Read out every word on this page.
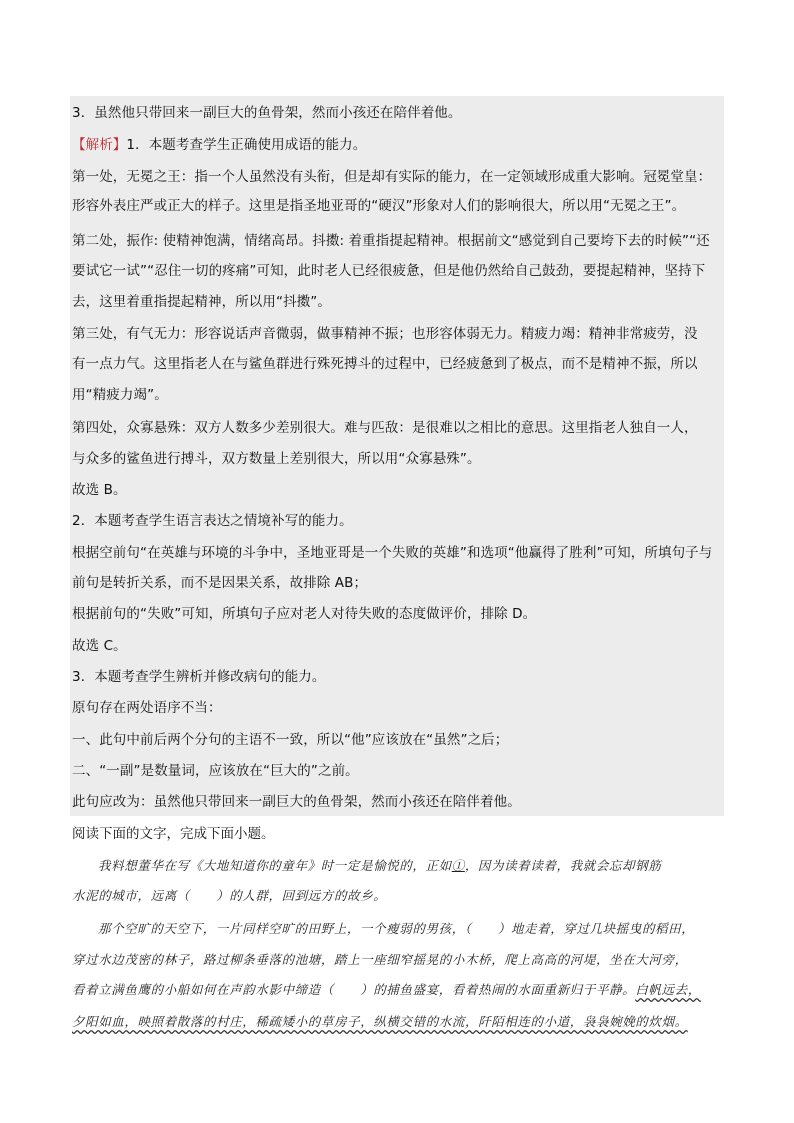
3．虽然他只带回来一副巨大的鱼骨架，然而小孩还在陪伴着他。
【解析】1．本题考查学生正确使用成语的能力。
第一处，无冕之王：指一个人虽然没有头衔，但是却有实际的能力，在一定领域形成重大影响。冠冕堂皇：
形容外表庄严或正大的样子。这里是指圣地亚哥的“硬汉”形象对人们的影响很大，所以用“无冕之王”。
第二处，振作: 使精神饱满，情绪高昂。抖擞: 着重指提起精神。根据前文“感觉到自己要垮下去的时候”“还
要试它一试”“忍住一切的疼痛”可知，此时老人已经很疲惫，但是他仍然给自己鼓劲，要提起精神，坚持下
去，这里着重指提起精神，所以用“抖擞”。
第三处，有气无力：形容说话声音微弱，做事精神不振；也形容体弱无力。精疲力竭：精神非常疲劳，没
有一点力气。这里指老人在与鲨鱼群进行殊死搏斗的过程中，已经疲惫到了极点，而不是精神不振，所以
用“精疲力竭”。
第四处，众寡悬殊：双方人数多少差别很大。难与匹敌：是很难以之相比的意思。这里指老人独自一人，
与众多的鲨鱼进行搏斗，双方数量上差别很大，所以用“众寡悬殊”。
故选 B。
2．本题考查学生语言表达之情境补写的能力。
根据空前句“在英雄与环境的斗争中，圣地亚哥是一个失败的英雄”和选项“他赢得了胜利”可知，所填句子与
前句是转折关系，而不是因果关系，故排除 AB；
根据前句的“失败”可知，所填句子应对老人对待失败的态度做评价，排除 D。
故选 C。
3．本题考查学生辨析并修改病句的能力。
原句存在两处语序不当：
一、此句中前后两个分句的主语不一致，所以“他”应该放在“虽然”之后；
二、“一副”是数量词，应该放在“巨大的”之前。
此句应改为：虽然他只带回来一副巨大的鱼骨架，然而小孩还在陪伴着他。
阅读下面的文字，完成下面小题。
我料想董华在写《大地知道你的童年》时一定是愉悦的，正如①，因为读着读着，我就会忘却钢筋
水泥的城市，远离（　　）的人群，回到远方的故乡。
那个空旷的天空下，一片同样空旷的田野上，一个瘦弱的男孩，（　　）地走着，穿过几块摇曳的稻田，
穿过水边茂密的林子，路过柳条垂落的池塘，踏上一座细窄摇晃的小木桥，爬上高高的河堤，坐在大河旁，
看着立满鱼鹰的小船如何在声韵水影中缔造（　　）的捕鱼盛宴，看着热闹的水面重新归于平静。白帆远去，
夕阳如血，映照着散落的村庄，稀疏矮小的草房子，纵横交错的水流，阡陌相连的小道，袅袅婉娩的炊烟。
